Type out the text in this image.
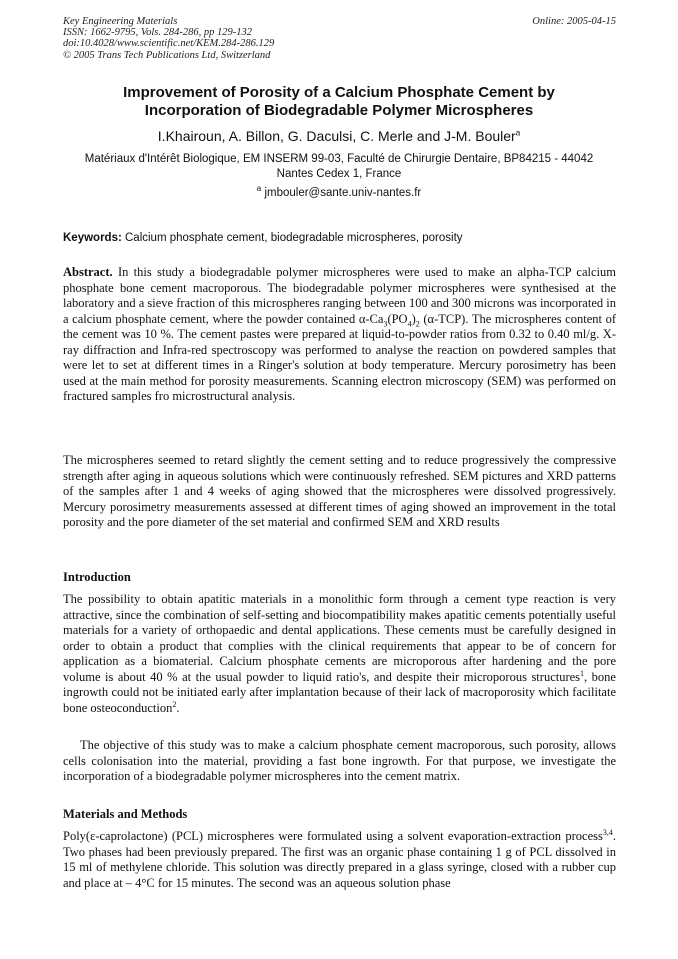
Key Engineering Materials
ISSN: 1662-9795, Vols. 284-286, pp 129-132
doi:10.4028/www.scientific.net/KEM.284-286.129
© 2005 Trans Tech Publications Ltd, Switzerland
Online: 2005-04-15
Improvement of Porosity of a Calcium Phosphate Cement by
Incorporation of Biodegradable Polymer Microspheres
I.Khairoun, A. Billon, G. Daculsi, C. Merle and J-M. Bouler$^a$
Matériaux d'Intérêt Biologique, EM INSERM 99-03, Faculté de Chirurgie Dentaire, BP84215 - 44042
Nantes Cedex 1, France
$^a$ jmbouler@sante.univ-nantes.fr
Keywords: Calcium phosphate cement, biodegradable microspheres, porosity
Abstract. In this study a biodegradable polymer microspheres were used to make an alpha-TCP calcium phosphate bone cement macroporous. The biodegradable polymer microspheres were synthesised at the laboratory and a sieve fraction of this microspheres ranging between 100 and 300 microns was incorporated in a calcium phosphate cement, where the powder contained $\alpha-Ca_3(PO_4)_2$ (α-TCP). The microspheres content of the cement was 10 %. The cement pastes were prepared at liquid-to-powder ratios from 0.32 to 0.40 ml/g. X-ray diffraction and Infra-red spectroscopy was performed to analyse the reaction on powdered samples that were let to set at different times in a Ringer's solution at body temperature. Mercury porosimetry has been used at the main method for porosity measurements. Scanning electron microscopy (SEM) was performed on fractured samples fro microstructural analysis.
The microspheres seemed to retard slightly the cement setting and to reduce progressively the compressive strength after aging in aqueous solutions which were continuously refreshed. SEM pictures and XRD patterns of the samples after 1 and 4 weeks of aging showed that the microspheres were dissolved progressively. Mercury porosimetry measurements assessed at different times of aging showed an improvement in the total porosity and the pore diameter of the set material and confirmed SEM and XRD results
Introduction
The possibility to obtain apatitic materials in a monolithic form through a cement type reaction is very attractive, since the combination of self-setting and biocompatibility makes apatitic cements potentially useful materials for a variety of orthopaedic and dental applications. These cements must be carefully designed in order to obtain a product that complies with the clinical requirements that appear to be of concern for application as a biomaterial. Calcium phosphate cements are microporous after hardening and the pore volume is about 40 % at the usual powder to liquid ratio's, and despite their microporous structures$^1$, bone ingrowth could not be initiated early after implantation because of their lack of macroporosity which facilitate bone osteoconduction$^2$.
The objective of this study was to make a calcium phosphate cement macroporous, such porosity, allows cells colonisation into the material, providing a fast bone ingrowth. For that purpose, we investigate the incorporation of a biodegradable polymer microspheres into the cement matrix.
Materials and Methods
Poly(ε-caprolactone) (PCL) microspheres were formulated using a solvent evaporation-extraction process$^{3,4}$. Two phases had been previously prepared. The first was an organic phase containing 1 g of PCL dissolved in 15 ml of methylene chloride. This solution was directly prepared in a glass syringe, closed with a rubber cup and place at – 4°C for 15 minutes. The second was an aqueous solution phase
